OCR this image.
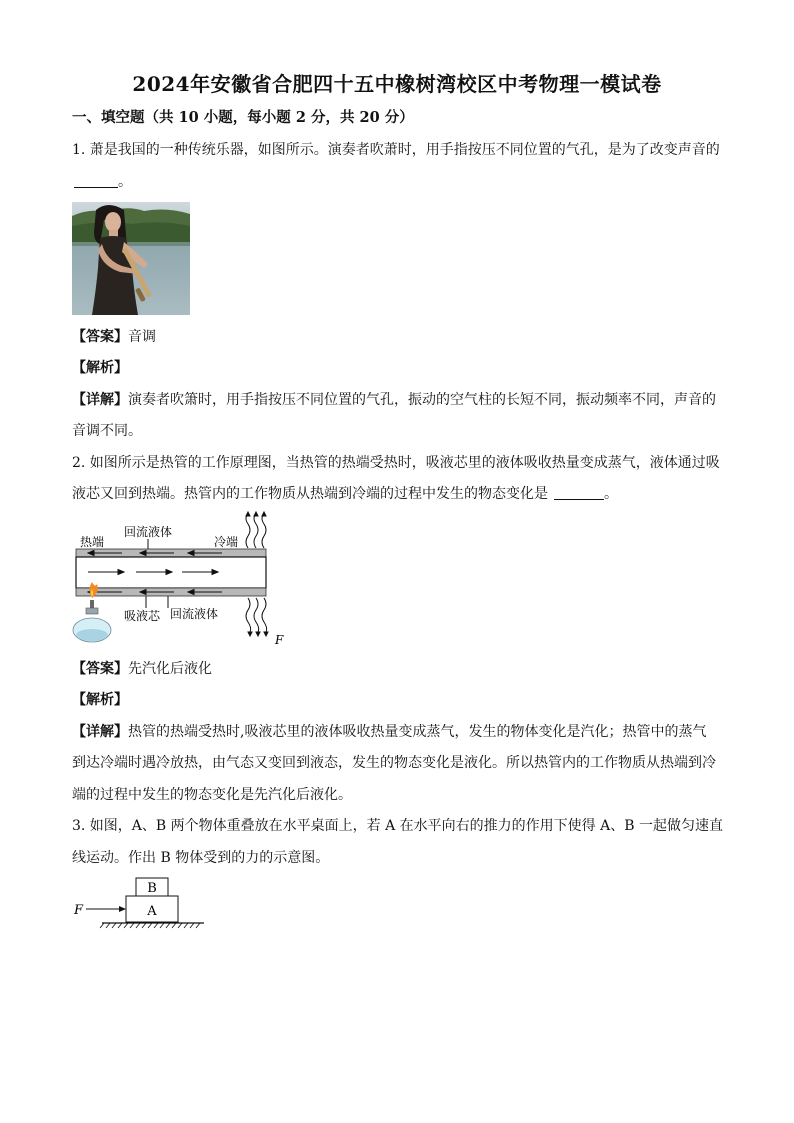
2024年安徽省合肥四十五中橡树湾校区中考物理一模试卷
一、填空题（共 10 小题，每小题 2 分，共 20 分）
1. 萧是我国的一种传统乐器，如图所示。演奏者吹萧时，用手指按压不同位置的气孔，是为了改变声音的
。
【答案】音调
【解析】
【详解】演奏者吹箫时，用手指按压不同位置的气孔，振动的空气柱的长短不同，振动频率不同，声音的
音调不同。
2. 如图所示是热管的工作原理图，当热管的热端受热时，吸液芯里的液体吸收热量变成蒸气，液体通过吸
液芯又回到热端。热管内的工作物质从热端到冷端的过程中发生的物态变化是	。
热端
回流液体
冷端
吸液芯 回流液体
F
【答案】先汽化后液化
【解析】
【详解】热管的热端受热时,吸液芯里的液体吸收热量变成蒸气，发生的物体变化是汽化；热管中的蒸气
到达冷端时遇冷放热，由气态又变回到液态，发生的物态变化是液化。所以热管内的工作物质从热端到冷
端的过程中发生的物态变化是先汽化后液化。
3. 如图，A、B 两个物体重叠放在水平桌面上，若 A 在水平向右的推力的作用下使得 A、B 一起做匀速直
线运动。作出 B 物体受到的力的示意图。
B
A
F
